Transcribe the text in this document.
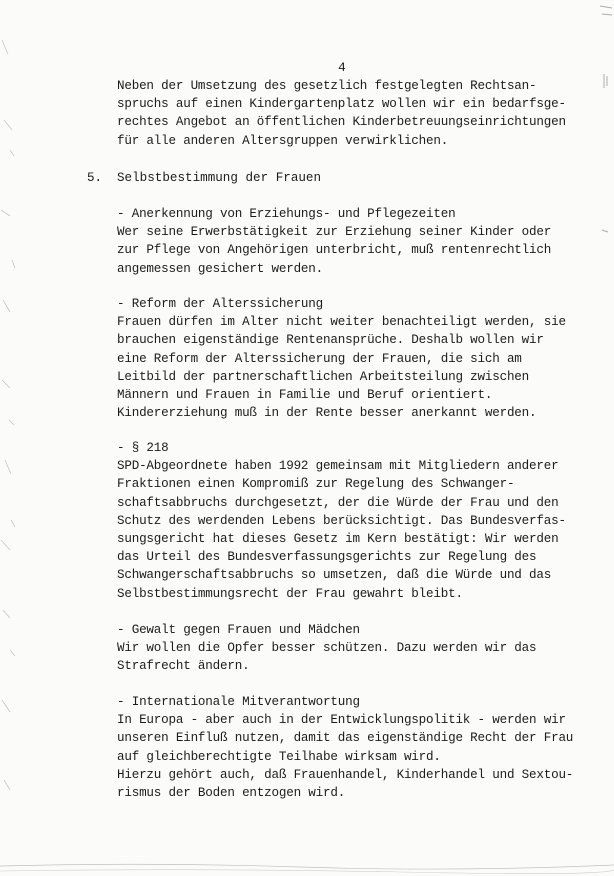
4
Neben der Umsetzung des gesetzlich festgelegten Rechtsan-
spruchs auf einen Kindergartenplatz wollen wir ein bedarfsge-
rechtes Angebot an öffentlichen Kinderbetreuungseinrichtungen
für alle anderen Altersgruppen verwirklichen.
5. Selbstbestimmung der Frauen
- Anerkennung von Erziehungs- und Pflegezeiten
Wer seine Erwerbstätigkeit zur Erziehung seiner Kinder oder
zur Pflege von Angehörigen unterbricht, muß rentenrechtlich
angemessen gesichert werden.
- Reform der Alterssicherung
Frauen dürfen im Alter nicht weiter benachteiligt werden, sie
brauchen eigenständige Rentenansprüche. Deshalb wollen wir
eine Reform der Alterssicherung der Frauen, die sich am
Leitbild der partnerschaftlichen Arbeitsteilung zwischen
Männern und Frauen in Familie und Beruf orientiert.
Kindererziehung muß in der Rente besser anerkannt werden.
- § 218
SPD-Abgeordnete haben 1992 gemeinsam mit Mitgliedern anderer
Fraktionen einen Kompromiß zur Regelung des Schwanger-
schaftsabbruchs durchgesetzt, der die Würde der Frau und den
Schutz des werdenden Lebens berücksichtigt. Das Bundesverfas-
sungsgericht hat dieses Gesetz im Kern bestätigt: Wir werden
das Urteil des Bundesverfassungsgerichts zur Regelung des
Schwangerschaftsabbruchs so umsetzen, daß die Würde und das
Selbstbestimmungsrecht der Frau gewahrt bleibt.
- Gewalt gegen Frauen und Mädchen
Wir wollen die Opfer besser schützen. Dazu werden wir das
Strafrecht ändern.
- Internationale Mitverantwortung
In Europa - aber auch in der Entwicklungspolitik - werden wir
unseren Einfluß nutzen, damit das eigenständige Recht der Frau
auf gleichberechtigte Teilhabe wirksam wird.
Hierzu gehört auch, daß Frauenhandel, Kinderhandel und Sextou-
rismus der Boden entzogen wird.
